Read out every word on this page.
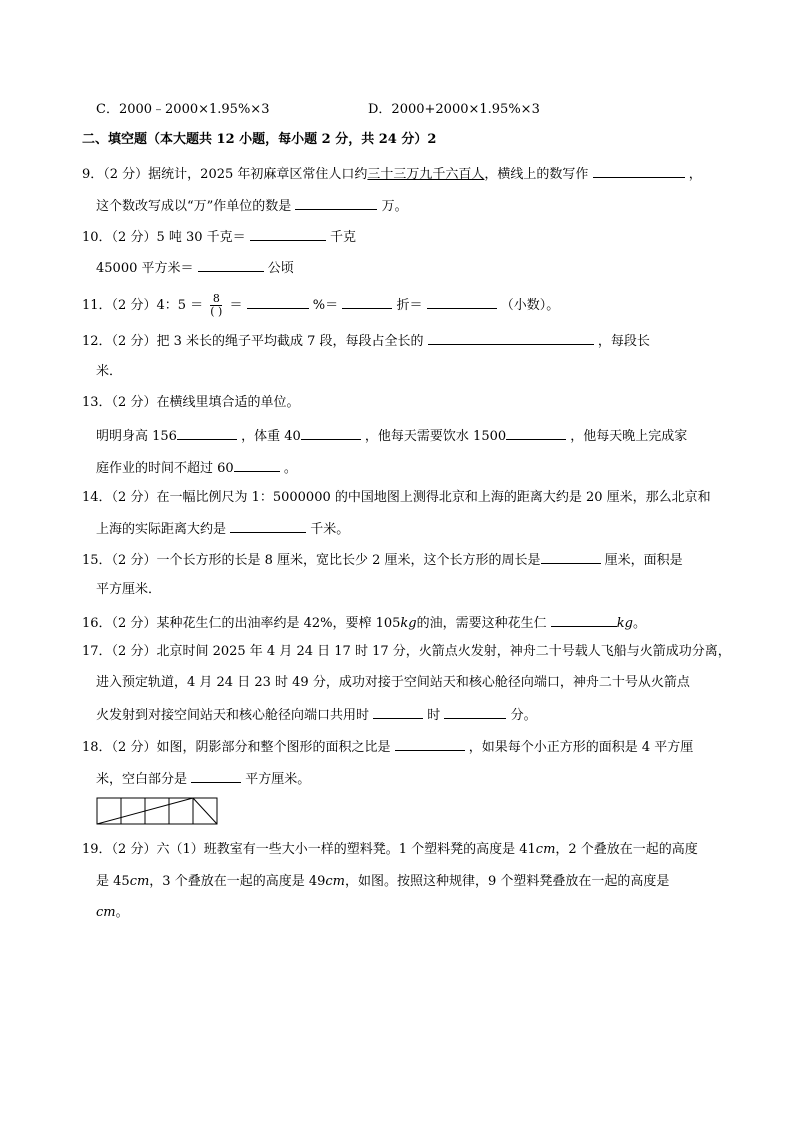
C．2000﹣2000×1.95%×3	D．2000+2000×1.95%×3
二、填空题（本大题共 12 小题，每小题 2 分，共 24 分）2
9．（2 分）据统计，2025 年初麻章区常住人口约三十三万九千六百人，横线上的数写作	，
这个数改写成以“万”作单位的数是	万。
10．（2 分）5 吨 30 千克＝	千克
45000 平方米＝	公顷
11．（2 分）4：$5 = \frac{8}{( )}$ ＝	%＝	折＝	（小数）。
12．（2 分）把 3 米长的绳子平均截成 7 段，每段占全长的	，每段长
米．
13．（2 分）在横线里填合适的单位。
明明身高 156	，体重 40	，他每天需要饮水 1500	，他每天晚上完成家
庭作业的时间不超过 60	。
14．（2 分）在一幅比例尺为 1：5000000 的中国地图上测得北京和上海的距离大约是 20 厘米，那么北京和
上海的实际距离大约是	千米。
15．（2 分）一个长方形的长是 8 厘米，宽比长少 2 厘米，这个长方形的周长是	厘米，面积是
平方厘米．
16．（2 分）某种花生仁的出油率约是 42%，要榨 105kg的油，需要这种花生仁	kg。
17．（2 分）北京时间 2025 年 4 月 24 日 17 时 17 分，火箭点火发射，神舟二十号载人飞船与火箭成功分离，
进入预定轨道，4 月 24 日 23 时 49 分，成功对接于空间站天和核心舱径向端口，神舟二十号从火箭点
火发射到对接空间站天和核心舱径向端口共用时	时	分。
18．（2 分）如图，阴影部分和整个图形的面积之比是	，如果每个小正方形的面积是 4 平方厘
米，空白部分是	平方厘米。
19．（2 分）六（1）班教室有一些大小一样的塑料凳。1 个塑料凳的高度是 41cm，2 个叠放在一起的高度
是 45cm，3 个叠放在一起的高度是 49cm，如图。按照这种规律，9 个塑料凳叠放在一起的高度是
cm。
